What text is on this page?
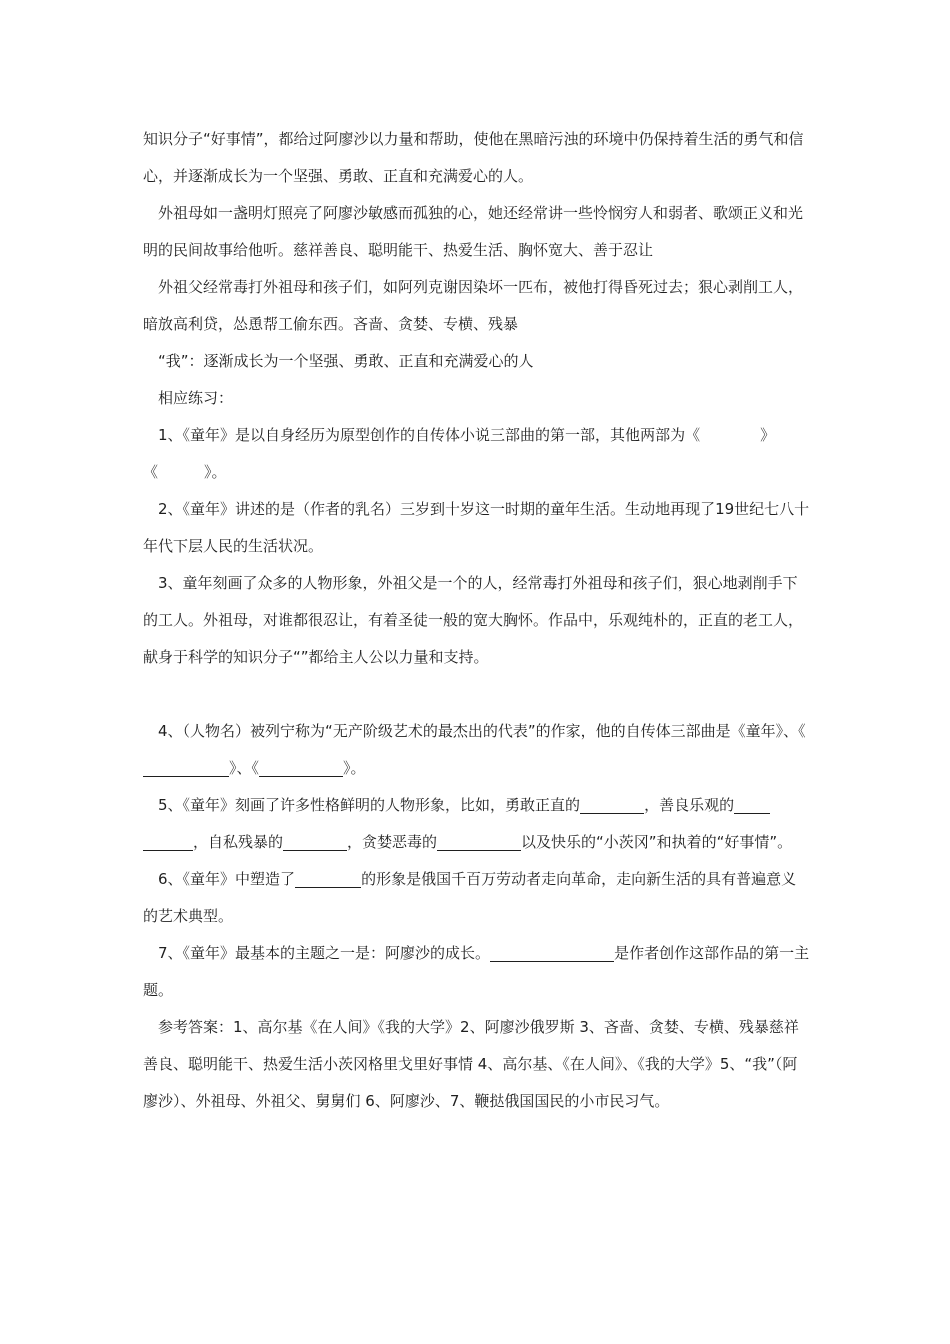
知识分子“好事情”，都给过阿廖沙以力量和帮助，使他在黑暗污浊的环境中仍保持着生活的勇气和信心，并逐渐成长为一个坚强、勇敢、正直和充满爱心的人。

　外祖母如一盏明灯照亮了阿廖沙敏感而孤独的心，她还经常讲一些怜悯穷人和弱者、歌颂正义和光明的民间故事给他听。慈祥善良、聪明能干、热爱生活、胸怀宽大、善于忍让

　外祖父经常毒打外祖母和孩子们，如阿列克谢因染坏一匹布，被他打得昏死过去；狠心剥削工人，暗放高利贷，怂恿帮工偷东西。吝啬、贪婪、专横、残暴

　“我”：逐渐成长为一个坚强、勇敢、正直和充满爱心的人

　相应练习：

　1、《童年》是以自身经历为原型创作的自传体小说三部曲的第一部，其他两部为《	》
《	》。

　2、《童年》讲述的是（作者的乳名）三岁到十岁这一时期的童年生活。生动地再现了19世纪七八十年代下层人民的生活状况。

　3、童年刻画了众多的人物形象，外祖父是一个的人，经常毒打外祖母和孩子们，狠心地剥削手下的工人。外祖母，对谁都很忍让，有着圣徒一般的宽大胸怀。作品中，乐观纯朴的，正直的老工人，献身于科学的知识分子“”都给主人公以力量和支持。

　4、（人物名）被列宁称为“无产阶级艺术的最杰出的代表”的作家，他的自传体三部曲是《童年》、《》、《	》。

　5、《童年》刻画了许多性格鲜明的人物形象，比如，勇敢正直的	，善良乐观的，自私残暴的	，贪婪恶毒的	以及快乐的“小茨冈”和执着的“好事情”。

　6、《童年》中塑造了	的形象是俄国千百万劳动者走向革命，走向新生活的具有普遍意义的艺术典型。

　7、《童年》最基本的主题之一是：阿廖沙的成长。	是作者创作这部作品的第一主题。

　参考答案：1、高尔基《在人间》《我的大学》2、阿廖沙俄罗斯 3、吝啬、贪婪、专横、残暴慈祥善良、聪明能干、热爱生活小茨冈格里戈里好事情 4、高尔基、《在人间》、《我的大学》5、“我”（阿廖沙）、外祖母、外祖父、舅舅们 6、阿廖沙、7、鞭挞俄国国民的小市民习气。
